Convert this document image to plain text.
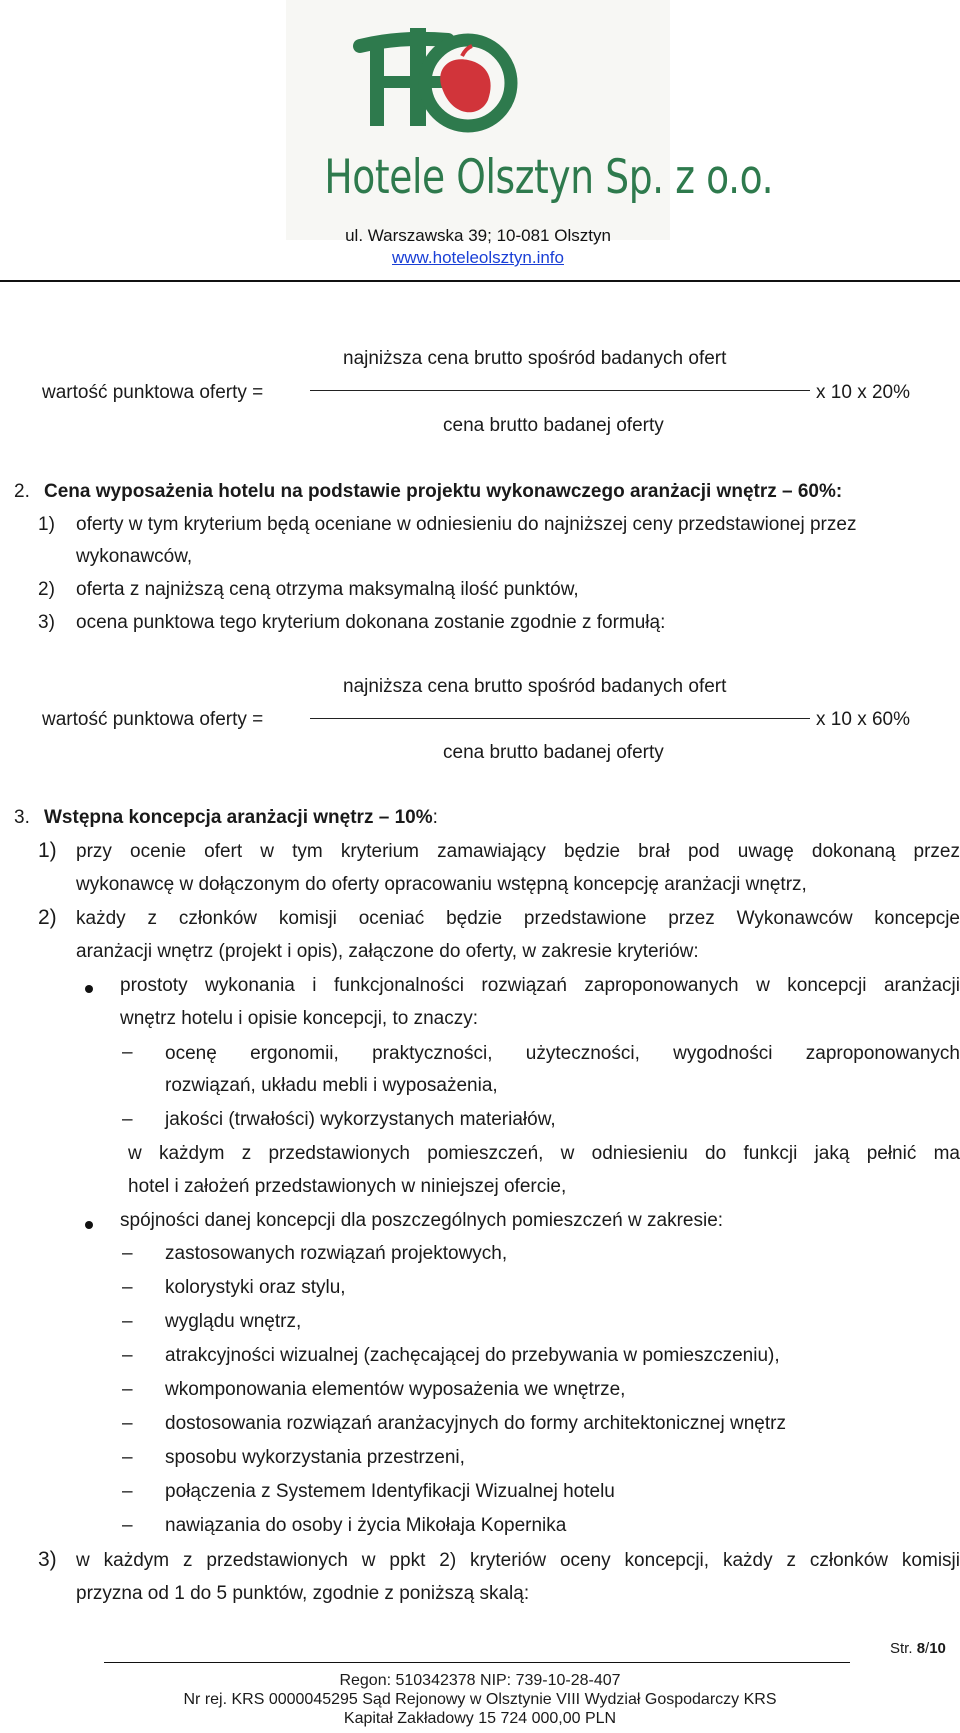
Hotele Olsztyn Sp. z o.o.
ul. Warszawska 39; 10-081 Olsztyn
www.hoteleolsztyn.info
najniższa cena brutto spośród badanych ofert
wartość punktowa oferty =	x 10 x 20%
cena brutto badanej oferty
2. Cena wyposażenia hotelu na podstawie projektu wykonawczego aranżacji wnętrz – 60%:
1) oferty w tym kryterium będą oceniane w odniesieniu do najniższej ceny przedstawionej przez
wykonawców,
2) oferta z najniższą ceną otrzyma maksymalną ilość punktów,
3) ocena punktowa tego kryterium dokonana zostanie zgodnie z formułą:
najniższa cena brutto spośród badanych ofert
wartość punktowa oferty =	x 10 x 60%
cena brutto badanej oferty
3. Wstępna koncepcja aranżacji wnętrz – 10%:
1) przy ocenie ofert w tym kryterium zamawiający będzie brał pod uwagę dokonaną przez
wykonawcę w dołączonym do oferty opracowaniu wstępną koncepcję aranżacji wnętrz,
2) każdy z członków komisji oceniać będzie przedstawione przez Wykonawców koncepcje
aranżacji wnętrz (projekt i opis), załączone do oferty, w zakresie kryteriów:
prostoty wykonania i funkcjonalności rozwiązań zaproponowanych w koncepcji aranżacji
wnętrz hotelu i opisie koncepcji, to znaczy:
– ocenę ergonomii, praktyczności, użyteczności, wygodności zaproponowanych
rozwiązań, układu mebli i wyposażenia,
– jakości (trwałości) wykorzystanych materiałów,
w każdym z przedstawionych pomieszczeń, w odniesieniu do funkcji jaką pełnić ma
hotel i założeń przedstawionych w niniejszej ofercie,
spójności danej koncepcji dla poszczególnych pomieszczeń w zakresie:
– zastosowanych rozwiązań projektowych,
– kolorystyki oraz stylu,
– wyglądu wnętrz,
– atrakcyjności wizualnej (zachęcającej do przebywania w pomieszczeniu),
– wkomponowania elementów wyposażenia we wnętrze,
– dostosowania rozwiązań aranżacyjnych do formy architektonicznej wnętrz
– sposobu wykorzystania przestrzeni,
– połączenia z Systemem Identyfikacji Wizualnej hotelu
– nawiązania do osoby i życia Mikołaja Kopernika
3) w każdym z przedstawionych w ppkt 2) kryteriów oceny koncepcji, każdy z członków komisji
przyzna od 1 do 5 punktów, zgodnie z poniższą skalą:
Str. 8/10
Regon: 510342378 NIP: 739-10-28-407
Nr rej. KRS 0000045295 Sąd Rejonowy w Olsztynie VIII Wydział Gospodarczy KRS
Kapitał Zakładowy 15 724 000,00 PLN
